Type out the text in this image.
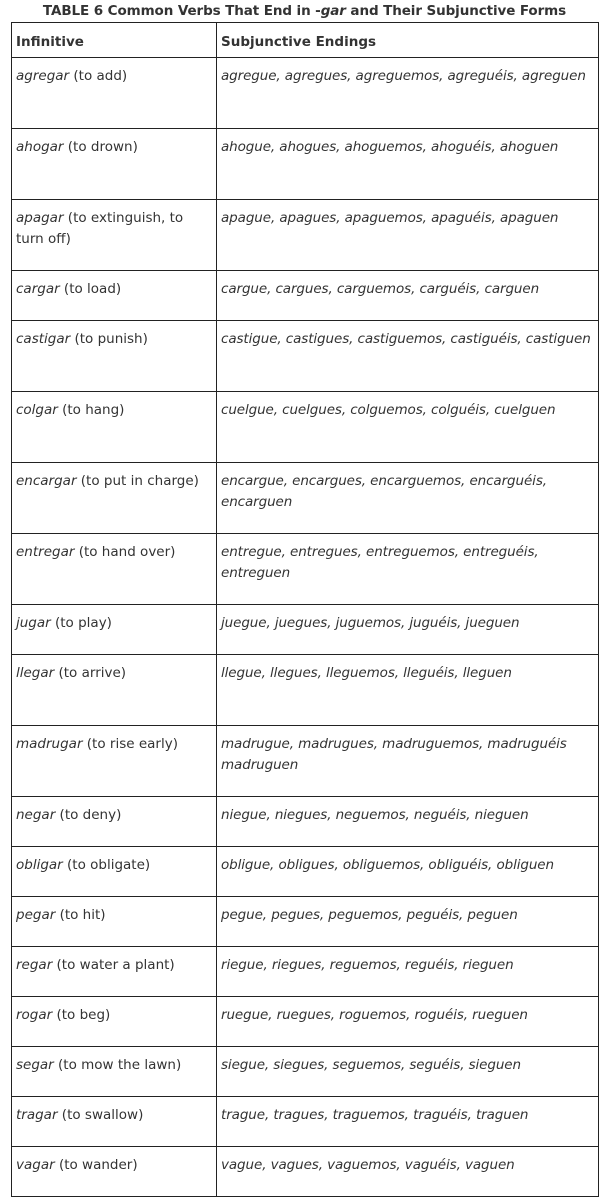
TABLE 6 Common Verbs That End in -gar and Their Subjunctive Forms
Infinitive	Subjunctive Endings
agregar (to add)	agregue, agregues, agreguemos, agreguéis, agreguen
ahogar (to drown)	ahogue, ahogues, ahoguemos, ahoguéis, ahoguen
apagar (to extinguish, to turn off)	apague, apagues, apaguemos, apaguéis, apaguen
cargar (to load)	cargue, cargues, carguemos, carguéis, carguen
castigar (to punish)	castigue, castigues, castiguemos, castiguéis, castiguen
colgar (to hang)	cuelgue, cuelgues, colguemos, colguéis, cuelguen
encargar (to put in charge)	encargue, encargues, encarguemos, encarguéis, encarguen
entregar (to hand over)	entregue, entregues, entreguemos, entreguéis, entreguen
jugar (to play)	juegue, juegues, juguemos, juguéis, jueguen
llegar (to arrive)	llegue, llegues, lleguemos, lleguéis, lleguen
madrugar (to rise early)	madrugue, madrugues, madruguemos, madruguéis madruguen
negar (to deny)	niegue, niegues, neguemos, neguéis, nieguen
obligar (to obligate)	obligue, obligues, obliguemos, obliguéis, obliguen
pegar (to hit)	pegue, pegues, peguemos, peguéis, peguen
regar (to water a plant)	riegue, riegues, reguemos, reguéis, rieguen
rogar (to beg)	ruegue, ruegues, roguemos, roguéis, rueguen
segar (to mow the lawn)	siegue, siegues, seguemos, seguéis, sieguen
tragar (to swallow)	trague, tragues, traguemos, traguéis, traguen
vagar (to wander)	vague, vagues, vaguemos, vaguéis, vaguen
